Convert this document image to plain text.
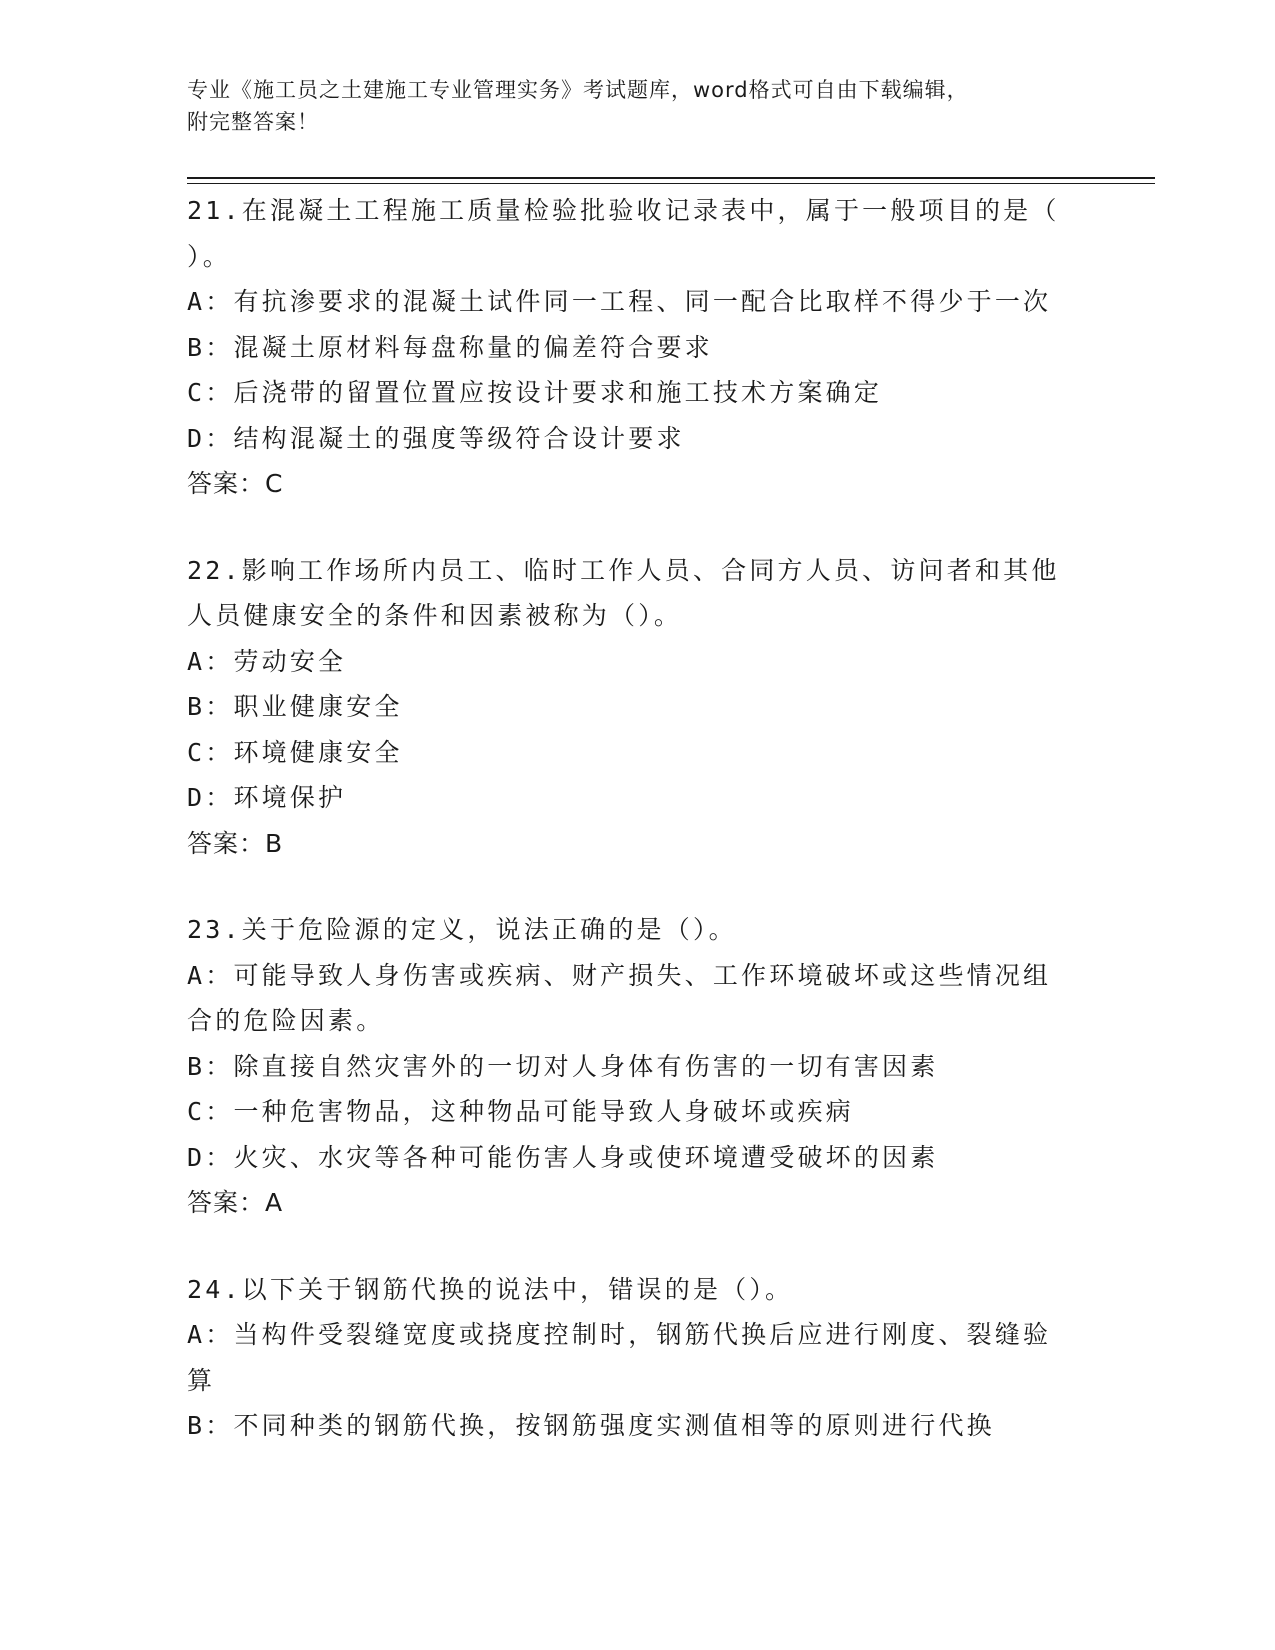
专业《施工员之土建施工专业管理实务》考试题库，word格式可自由下载编辑，
附完整答案！
21.在混凝土工程施工质量检验批验收记录表中，属于一般项目的是（
）。
A：有抗渗要求的混凝土试件同一工程、同一配合比取样不得少于一次
B：混凝土原材料每盘称量的偏差符合要求
C：后浇带的留置位置应按设计要求和施工技术方案确定
D：结构混凝土的强度等级符合设计要求
答案：C
22.影响工作场所内员工、临时工作人员、合同方人员、访问者和其他
人员健康安全的条件和因素被称为（）。
A：劳动安全
B：职业健康安全
C：环境健康安全
D：环境保护
答案：B
23.关于危险源的定义，说法正确的是（）。
A：可能导致人身伤害或疾病、财产损失、工作环境破坏或这些情况组
合的危险因素。
B：除直接自然灾害外的一切对人身体有伤害的一切有害因素
C：一种危害物品，这种物品可能导致人身破坏或疾病
D：火灾、水灾等各种可能伤害人身或使环境遭受破坏的因素
答案：A
24.以下关于钢筋代换的说法中，错误的是（）。
A：当构件受裂缝宽度或挠度控制时，钢筋代换后应进行刚度、裂缝验
算
B：不同种类的钢筋代换，按钢筋强度实测值相等的原则进行代换
